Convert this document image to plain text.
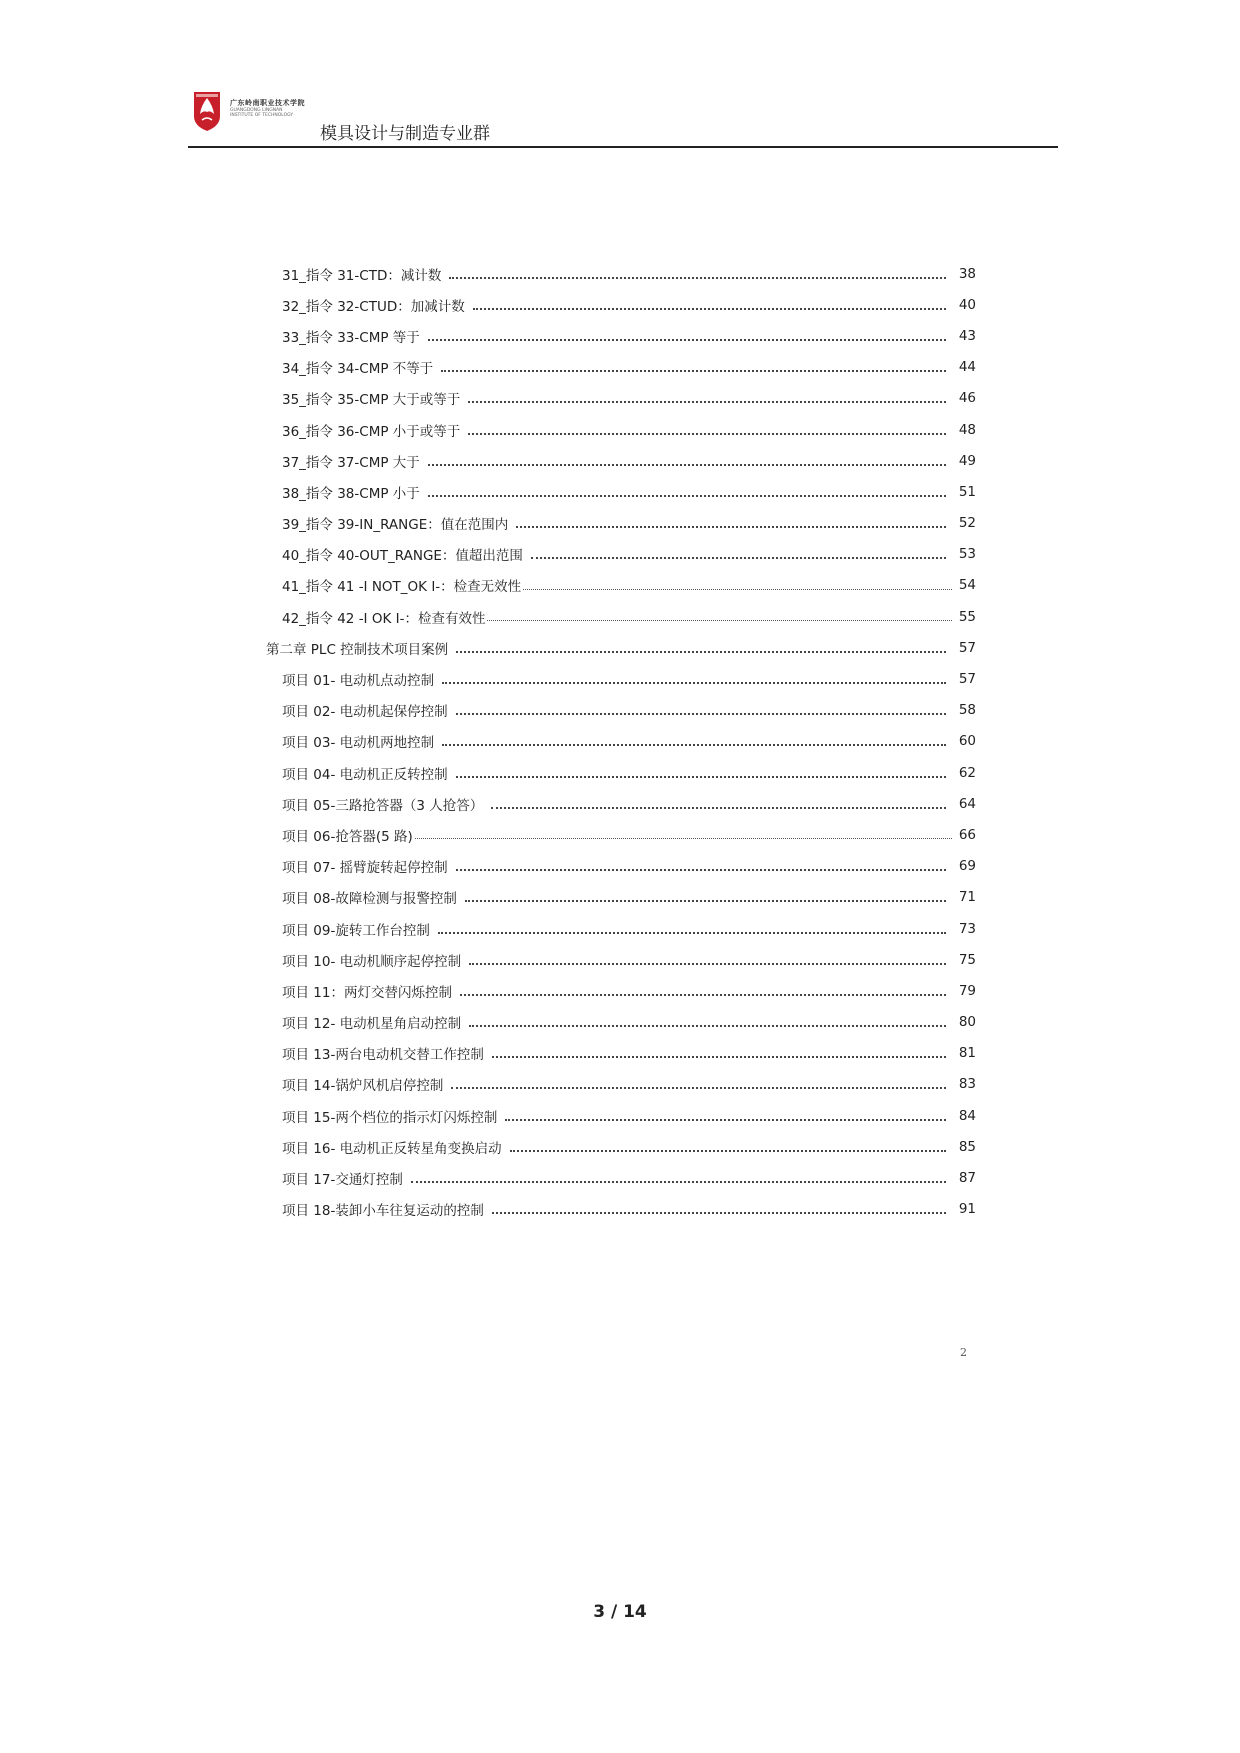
广东岭南职业技术学院
GUANGDONG LINGNAN INSTITUTE OF TECHNOLOGY
模具设计与制造专业群
31_指令 31-CTD：减计数	38
32_指令 32-CTUD：加减计数	40
33_指令 33-CMP 等于	43
34_指令 34-CMP 不等于	44
35_指令 35-CMP 大于或等于	46
36_指令 36-CMP 小于或等于	48
37_指令 37-CMP 大于	49
38_指令 38-CMP 小于	51
39_指令 39-IN_RANGE：值在范围内	52
40_指令 40-OUT_RANGE：值超出范围	53
41_指令 41 -I NOT_OK I-：检查无效性	54
42_指令 42 -I OK I-：检查有效性	55
第二章 PLC 控制技术项目案例	57
项目 01- 电动机点动控制	57
项目 02- 电动机起保停控制	58
项目 03- 电动机两地控制	60
项目 04- 电动机正反转控制	62
项目 05-三路抢答器（3 人抢答）	64
项目 06-抢答器(5 路)	66
项目 07- 摇臂旋转起停控制	69
项目 08-故障检测与报警控制	71
项目 09-旋转工作台控制	73
项目 10- 电动机顺序起停控制	75
项目 11：两灯交替闪烁控制	79
项目 12- 电动机星角启动控制	80
项目 13-两台电动机交替工作控制	81
项目 14-锅炉风机启停控制	83
项目 15-两个档位的指示灯闪烁控制	84
项目 16- 电动机正反转星角变换启动	85
项目 17-交通灯控制	87
项目 18-装卸小车往复运动的控制	91
2
3 / 14
